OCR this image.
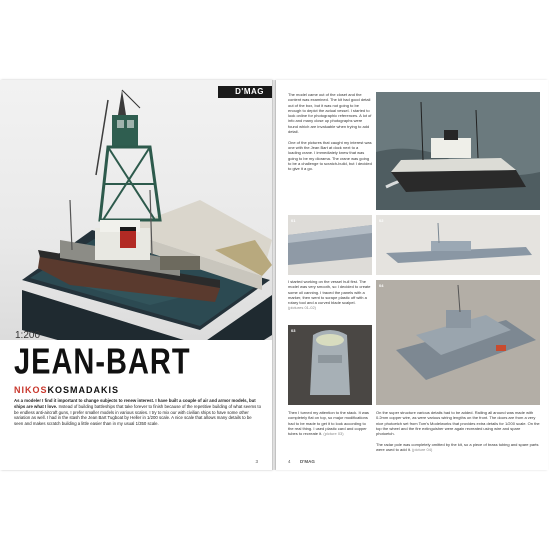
D'MAG
1:200
JEAN-BART
NIKOSKOSMADAKIS
As a modeler I find it important to change subjects to renew interest. I have built a couple of air and armor models, but ships are what I love. Instead of building battleships that take forever to finish because of the repetitive building of what seems to be endless anti-aircraft guns, I prefer smaller models in various scales. I try to mix our with civilian ships to have some other variation as well. I had in the stash the Jean Bart Tugboat by Heller in 1/200 scale. A nice scale that allows many details to be seen and makes scratch building a little easier than in my usual 1/350 scale.
3
The model came out of the closet and the content was examined. The kit had good detail out of the box, but it was not going to be enough to depict the actual vessel. I started to look online for photographic references. A lot of info and many close up photographs were found which are invaluable when trying to add detail.

One of the pictures that caught my interest was one with the Jean Bart at dock next to a loading crane. I immediately knew that was going to be my diorama. The crane was going to be a challenge to scratch-build, but I decided to give it a go.
01	02
I started working on the vessel hull first. The model was very smooth, so I decided to create some oil canning. I traced the panels with a marker, then went to scrape plastic off with a rotary tool and a curved blade scalpel. (pictures 01-02)
03
04
Then I turned my attention to the stack. It was completely flat on top, so major modifications had to be made to get it to look according to the real thing. I used plastic card and copper tubes to recreate it. (picture 03)
On the super structure various details had to be added. Railing all around was made with 0.2mm copper wire, as were various wiring lengths on the front. The doors are from a very nice photoetch set from Tom's Modelworks that provides extra details for 1/200 scale. On the top the wheel and the fire extinguisher were again recreated using wire and spare photoetch.

The radar pole was completely omitted by the kit, so a piece of brass tubing and spare parts were used to add it. (picture 04)
4 D'MAG
